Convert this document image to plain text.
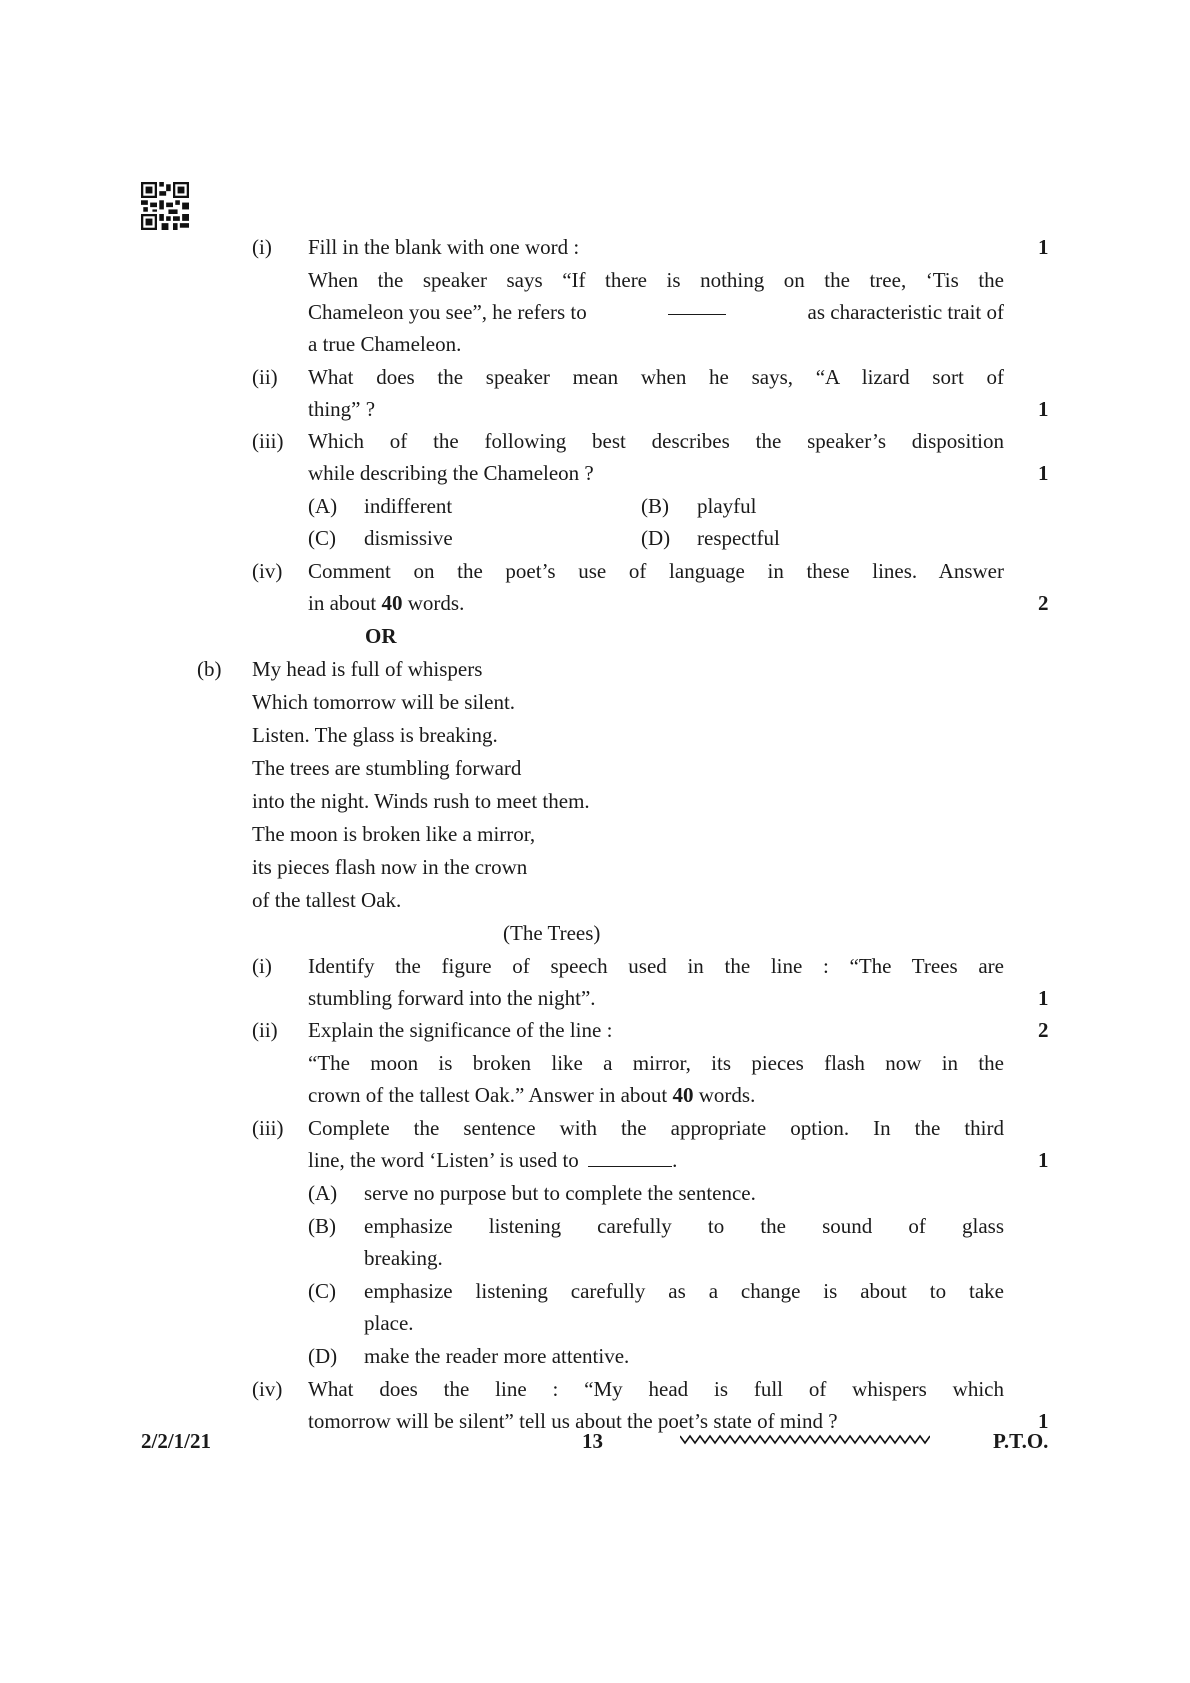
(i) Fill in the blank with one word :	1
When the speaker says “If there is nothing on the tree, ‘Tis the
Chameleon you see”, he refers to	as characteristic trait of
a true Chameleon.
(ii) What does the speaker mean when he says, “A lizard sort of
thing” ?	1
(iii) Which of the following best describes the speaker’s disposition
while describing the Chameleon ?	1
(A) indifferent	(B) playful
(C) dismissive	(D) respectful
(iv) Comment on the poet’s use of language in these lines. Answer
in about 40 words.	2
OR
(b) My head is full of whispers
Which tomorrow will be silent.
Listen. The glass is breaking.
The trees are stumbling forward
into the night. Winds rush to meet them.
The moon is broken like a mirror,
its pieces flash now in the crown
of the tallest Oak.
(The Trees)
(i) Identify the figure of speech used in the line : “The Trees are
stumbling forward into the night”.	1
(ii) Explain the significance of the line :	2
“The moon is broken like a mirror, its pieces flash now in the
crown of the tallest Oak.” Answer in about 40 words.
(iii) Complete the sentence with the appropriate option. In the third
line, the word ‘Listen’ is used to	.	1
(A) serve no purpose but to complete the sentence.
(B) emphasize listening carefully to the sound of glass
breaking.
(C) emphasize listening carefully as a change is about to take
place.
(D) make the reader more attentive.
(iv) What does the line : “My head is full of whispers which
tomorrow will be silent” tell us about the poet’s state of mind ?	1
2/2/1/21	13	P.T.O.
